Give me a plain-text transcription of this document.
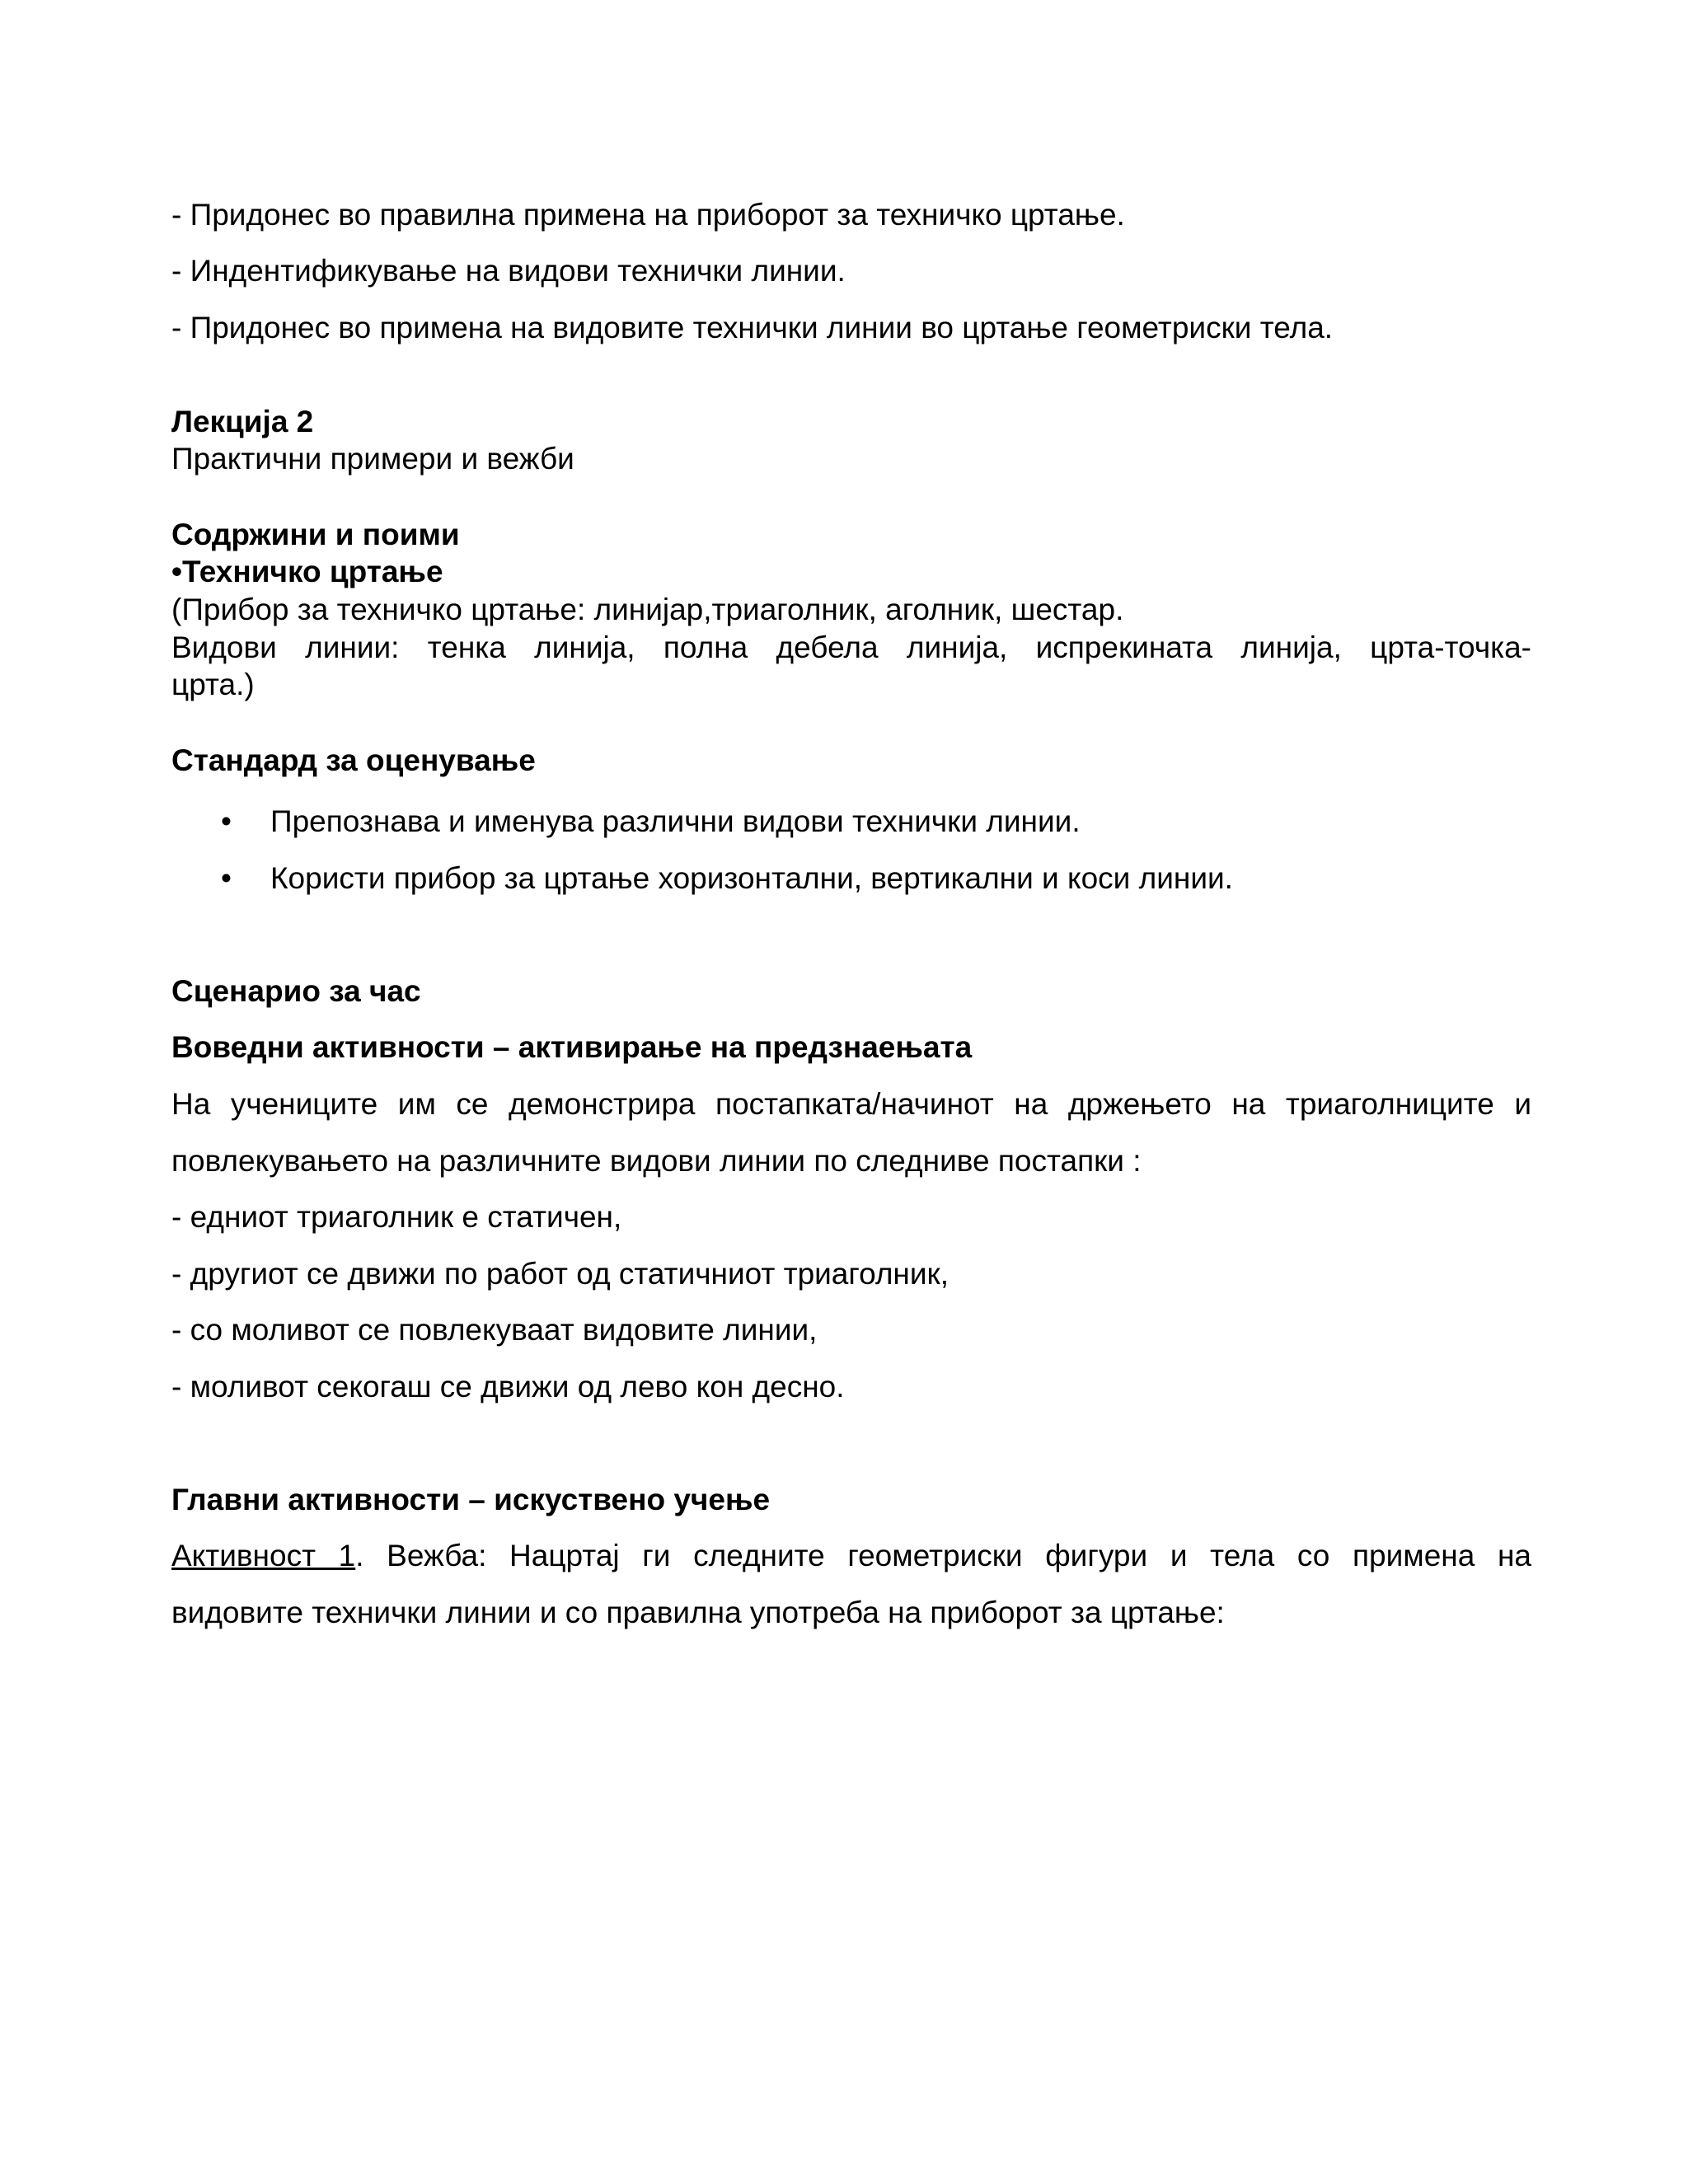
- Придонес во правилна примена на приборот за техничко цртање.
- Индентификување на видови технички линии.
- Придонес во примена на видовите технички линии во цртање геометриски тела.
Лекција 2
Практични примери и вежби
Содржини и поими
•Техничко цртање
(Прибор за техничко цртање: линијар,триаголник, аголник, шестар.
Видови линии: тенка линија, полна дебела линија, испрекината линија, црта-точка-
црта.)
Стандард за оценување
• Препознава и именува различни видови технички линии.
• Користи прибор за цртање хоризонтални, вертикални и коси линии.
Сценарио за час
Воведни активности – активирање на предзнаењата
На учениците им се демонстрира постапката/начинот на држењето на триаголниците и
повлекувањето на различните видови линии по следниве постапки :
- едниот триаголник е статичен,
- другиот се движи по работ од статичниот триаголник,
- со моливот се повлекуваат видовите линии,
- моливот секогаш се движи од лево кон десно.
Главни активности – искуствено учење
Активност 1. Вежба: Нацртај ги следните геометриски фигури и тела со примена на
видовите технички линии и со правилна употреба на приборот за цртање:
